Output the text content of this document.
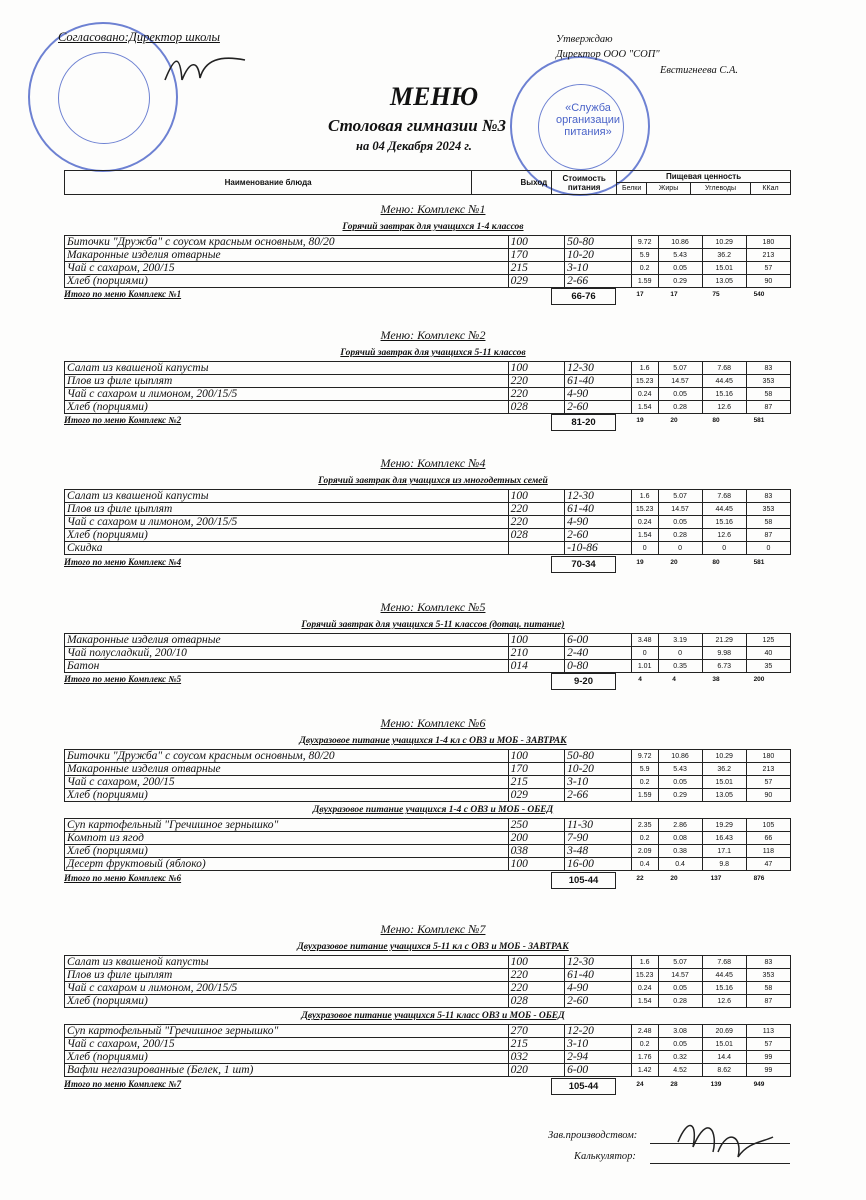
«Служба организации питания»
Согласовано:Директор школы	Утверждаю
Директор ООО "СОП"
Евстигнеева С.А.
МЕНЮ
Столовая гимназии №3
на 04 Декабря 2024 г.
Наименование блюда	Выход	Стоимость питания	Пищевая ценность			
			Белки	Жиры	Углеводы	ККал
Зав.производством:
Калькулятор:
Меню: Комплекс №1
Горячий завтрак для учащихся 1-4 классов
Биточки "Дружба" с соусом красным основным, 80/20	100	50-80	9.72	10.86	10.29	180
Макаронные изделия отварные	170	10-20	5.9	5.43	36.2	213
Чай с сахаром, 200/15	215	3-10	0.2	0.05	15.01	57
Хлеб (порциями)	029	2-66	1.59	0.29	13.05	90
Итого по меню Комплекс №1	66-76	17	17	75	540
Меню: Комплекс №2
Горячий завтрак для учащихся 5-11 классов
Салат из квашеной капусты	100	12-30	1.6	5.07	7.68	83
Плов из филе цыплят	220	61-40	15.23	14.57	44.45	353
Чай с сахаром и лимоном, 200/15/5	220	4-90	0.24	0.05	15.16	58
Хлеб (порциями)	028	2-60	1.54	0.28	12.6	87
Итого по меню Комплекс №2	81-20	19	20	80	581
Меню: Комплекс №4
Горячий завтрак для учащихся из многодетных семей
Салат из квашеной капусты	100	12-30	1.6	5.07	7.68	83
Плов из филе цыплят	220	61-40	15.23	14.57	44.45	353
Чай с сахаром и лимоном, 200/15/5	220	4-90	0.24	0.05	15.16	58
Хлеб (порциями)	028	2-60	1.54	0.28	12.6	87
Скидка		-10-86	0	0	0	0
Итого по меню Комплекс №4	70-34	19	20	80	581
Меню: Комплекс №5
Горячий завтрак для учащихся 5-11 классов (дотац. питание)
Макаронные изделия отварные	100	6-00	3.48	3.19	21.29	125
Чай полусладкий, 200/10	210	2-40	0	0	9.98	40
Батон	014	0-80	1.01	0.35	6.73	35
Итого по меню Комплекс №5	9-20	4	4	38	200
Меню: Комплекс №6
Двухразовое питание учащихся 1-4 кл с ОВЗ и МОБ - ЗАВТРАК
Биточки "Дружба" с соусом красным основным, 80/20	100	50-80	9.72	10.86	10.29	180
Макаронные изделия отварные	170	10-20	5.9	5.43	36.2	213
Чай с сахаром, 200/15	215	3-10	0.2	0.05	15.01	57
Хлеб (порциями)	029	2-66	1.59	0.29	13.05	90
Двухразовое питание учащихся 1-4 с ОВЗ и МОБ - ОБЕД
Суп картофельный "Гречишное зернышко"	250	11-30	2.35	2.86	19.29	105
Компот из ягод	200	7-90	0.2	0.08	16.43	66
Хлеб (порциями)	038	3-48	2.09	0.38	17.1	118
Десерт фруктовый (яблоко)	100	16-00	0.4	0.4	9.8	47
Итого по меню Комплекс №6	105-44	22	20	137	876
Меню: Комплекс №7
Двухразовое питание учащихся 5-11 кл с ОВЗ и МОБ - ЗАВТРАК
Салат из квашеной капусты	100	12-30	1.6	5.07	7.68	83
Плов из филе цыплят	220	61-40	15.23	14.57	44.45	353
Чай с сахаром и лимоном, 200/15/5	220	4-90	0.24	0.05	15.16	58
Хлеб (порциями)	028	2-60	1.54	0.28	12.6	87
Двухразовое питание учащихся 5-11 класс ОВЗ и МОБ - ОБЕД
Суп картофельный "Гречишное зернышко"	270	12-20	2.48	3.08	20.69	113
Чай с сахаром, 200/15	215	3-10	0.2	0.05	15.01	57
Хлеб (порциями)	032	2-94	1.76	0.32	14.4	99
Вафли неглазированные (Белек, 1 шт)	020	6-00	1.42	4.52	8.62	99
Итого по меню Комплекс №7	105-44	24	28	139	949
